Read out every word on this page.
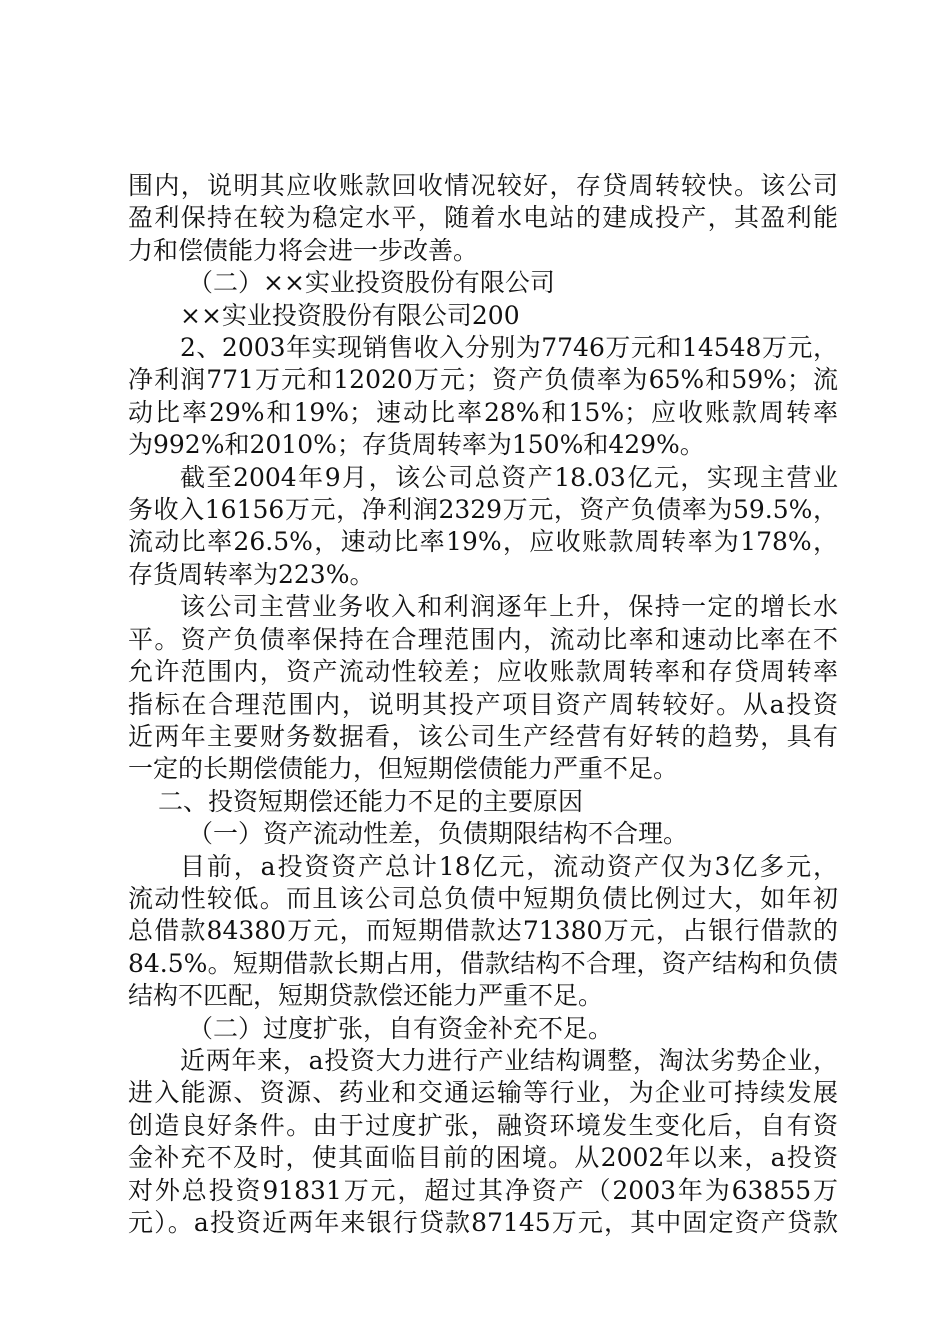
围内，说明其应收账款回收情况较好，存贷周转较快。该公司
盈利保持在较为稳定水平，随着水电站的建成投产，其盈利能
力和偿债能力将会进一步改善。

（二）××实业投资股份有限公司

××实业投资股份有限公司200

2、2003年实现销售收入分别为7746万元和14548万元，
净利润771万元和12020万元；资产负债率为65%和59%；流
动比率29%和19%；速动比率28%和15%；应收账款周转率
为992%和2010%；存货周转率为150%和429%。

截至2004年9月，该公司总资产18.03亿元，实现主营业
务收入16156万元，净利润2329万元，资产负债率为59.5%，
流动比率26.5%，速动比率19%，应收账款周转率为178%，
存货周转率为223%。

该公司主营业务收入和利润逐年上升，保持一定的增长水
平。资产负债率保持在合理范围内，流动比率和速动比率在不
允许范围内，资产流动性较差；应收账款周转率和存贷周转率
指标在合理范围内，说明其投产项目资产周转较好。从a投资
近两年主要财务数据看，该公司生产经营有好转的趋势，具有
一定的长期偿债能力，但短期偿债能力严重不足。

二、投资短期偿还能力不足的主要原因

（一）资产流动性差，负债期限结构不合理。

目前，a投资资产总计18亿元，流动资产仅为3亿多元，
流动性较低。而且该公司总负债中短期负债比例过大，如年初
总借款84380万元，而短期借款达71380万元，占银行借款的
84.5%。短期借款长期占用，借款结构不合理，资产结构和负债
结构不匹配，短期贷款偿还能力严重不足。

（二）过度扩张，自有资金补充不足。

近两年来，a投资大力进行产业结构调整，淘汰劣势企业，
进入能源、资源、药业和交通运输等行业，为企业可持续发展
创造良好条件。由于过度扩张，融资环境发生变化后，自有资
金补充不及时，使其面临目前的困境。从2002年以来，a投资
对外总投资91831万元，超过其净资产（2003年为63855万
元）。a投资近两年来银行贷款87145万元，其中固定资产贷款
